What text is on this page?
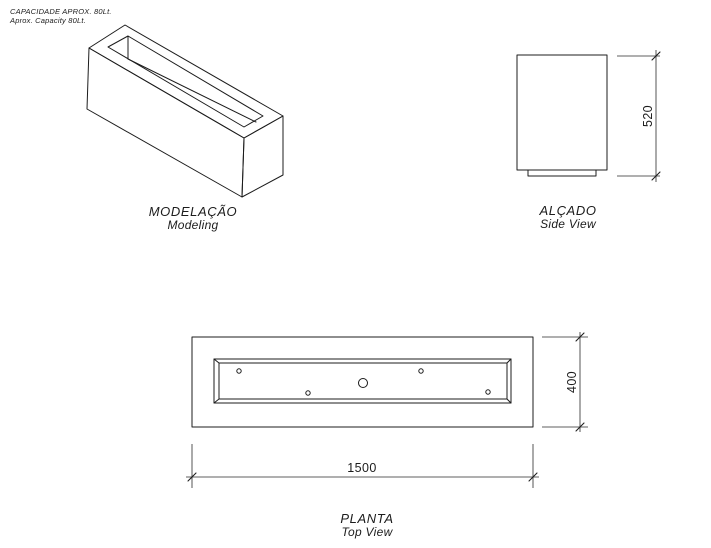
CAPACIDADE APROX. 80Lt.
Aprox. Capacity 80Lt.
MODELAÇÃO
Modeling
520
ALÇADO
Side View
1500
400
PLANTA
Top View
